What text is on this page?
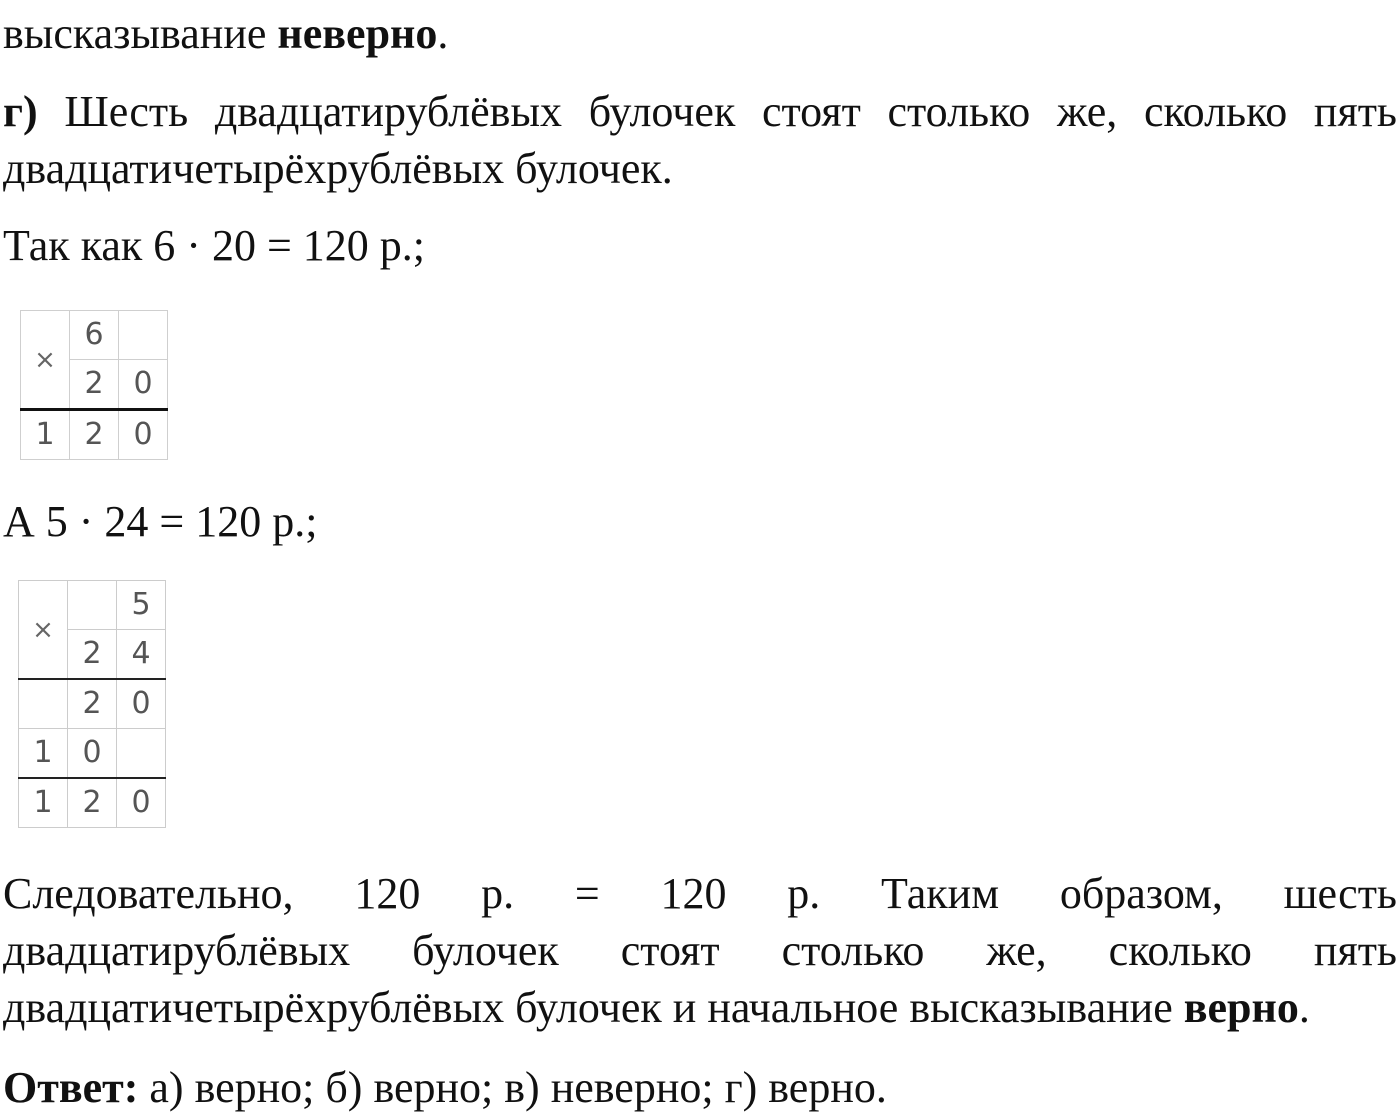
высказывание неверно.
г) Шесть двадцатирублёвых булочек стоят столько же, сколько пять
двадцатичетырёхрублёвых булочек.
Так как 6 · 20 = 120 р.;
×	6	
	2	0
1	2	0
А 5 · 24 = 120 р.;
×		5
	2	4
	2	0
1	0	
1	2	0
Следовательно, 120 р. = 120 р. Таким образом, шесть
двадцатирублёвых булочек стоят столько же, сколько пять
двадцатичетырёхрублёвых булочек и начальное высказывание верно.
Ответ: а) верно; б) верно; в) неверно; г) верно.
